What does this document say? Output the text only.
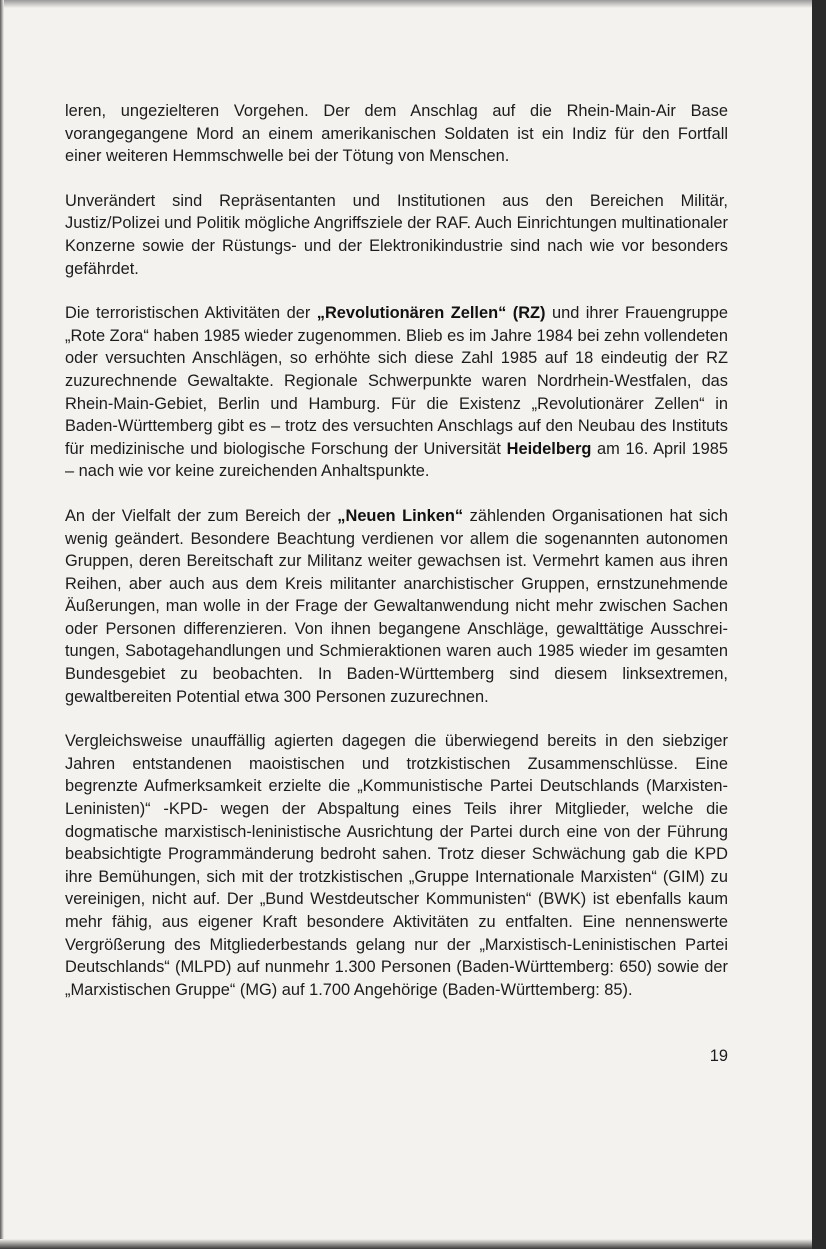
leren, ungezielteren Vorgehen. Der dem Anschlag auf die Rhein-Main-Air Base vorangegangene Mord an einem amerikanischen Soldaten ist ein Indiz für den Fortfall einer weiteren Hemmschwelle bei der Tötung von Menschen.

Unverändert sind Repräsentanten und Institutionen aus den Bereichen Militär, Justiz/Polizei und Politik mögliche Angriffsziele der RAF. Auch Einrichtungen multinationaler Konzerne sowie der Rüstungs- und der Elektronikindustrie sind nach wie vor besonders gefährdet.

Die terroristischen Aktivitäten der „Revolutionären Zellen“ (RZ) und ihrer Frauengruppe „Rote Zora“ haben 1985 wieder zugenommen. Blieb es im Jahre 1984 bei zehn vollendeten oder versuchten Anschlägen, so erhöhte sich diese Zahl 1985 auf 18 eindeutig der RZ zuzurechnende Gewaltakte. Regionale Schwerpunkte waren Nordrhein-Westfalen, das Rhein-Main-Gebiet, Berlin und Hamburg. Für die Existenz „Revolutionärer Zellen“ in Baden-Württemberg gibt es – trotz des versuchten Anschlags auf den Neubau des Instituts für medizinische und biologische Forschung der Universität Heidelberg am 16. April 1985 – nach wie vor keine zureichenden Anhaltspunkte.

An der Vielfalt der zum Bereich der „Neuen Linken“ zählenden Organisationen hat sich wenig geändert. Besondere Beachtung verdienen vor allem die sogenannten autonomen Gruppen, deren Bereitschaft zur Militanz weiter gewachsen ist. Vermehrt kamen aus ihren Reihen, aber auch aus dem Kreis militanter anarchistischer Gruppen, ernstzunehmende Äußerungen, man wolle in der Frage der Gewaltanwendung nicht mehr zwischen Sachen oder Personen differenzieren. Von ihnen begangene Anschläge, gewalttätige Ausschreitungen, Sabotagehandlungen und Schmieraktionen waren auch 1985 wieder im gesamten Bundesgebiet zu beobachten. In Baden-Württemberg sind diesem linksextremen, gewaltbereiten Potential etwa 300 Personen zuzurechnen.

Vergleichsweise unauffällig agierten dagegen die überwiegend bereits in den siebziger Jahren entstandenen maoistischen und trotzkistischen Zusammenschlüsse. Eine begrenzte Aufmerksamkeit erzielte die „Kommunistische Partei Deutschlands (Marxisten-Leninisten)“ -KPD- wegen der Abspaltung eines Teils ihrer Mitglieder, welche die dogmatische marxistisch-leninistische Ausrichtung der Partei durch eine von der Führung beabsichtigte Programmänderung bedroht sahen. Trotz dieser Schwächung gab die KPD ihre Bemühungen, sich mit der trotzkistischen „Gruppe Internationale Marxisten“ (GIM) zu vereinigen, nicht auf. Der „Bund Westdeutscher Kommunisten“ (BWK) ist ebenfalls kaum mehr fähig, aus eigener Kraft besondere Aktivitäten zu entfalten. Eine nennenswerte Vergrößerung des Mitgliederbestands gelang nur der „Marxistisch-Leninistischen Partei Deutschlands“ (MLPD) auf nunmehr 1.300 Personen (Baden-Württemberg: 650) sowie der „Marxistischen Gruppe“ (MG) auf 1.700 Angehörige (Baden-Württemberg: 85).

19
